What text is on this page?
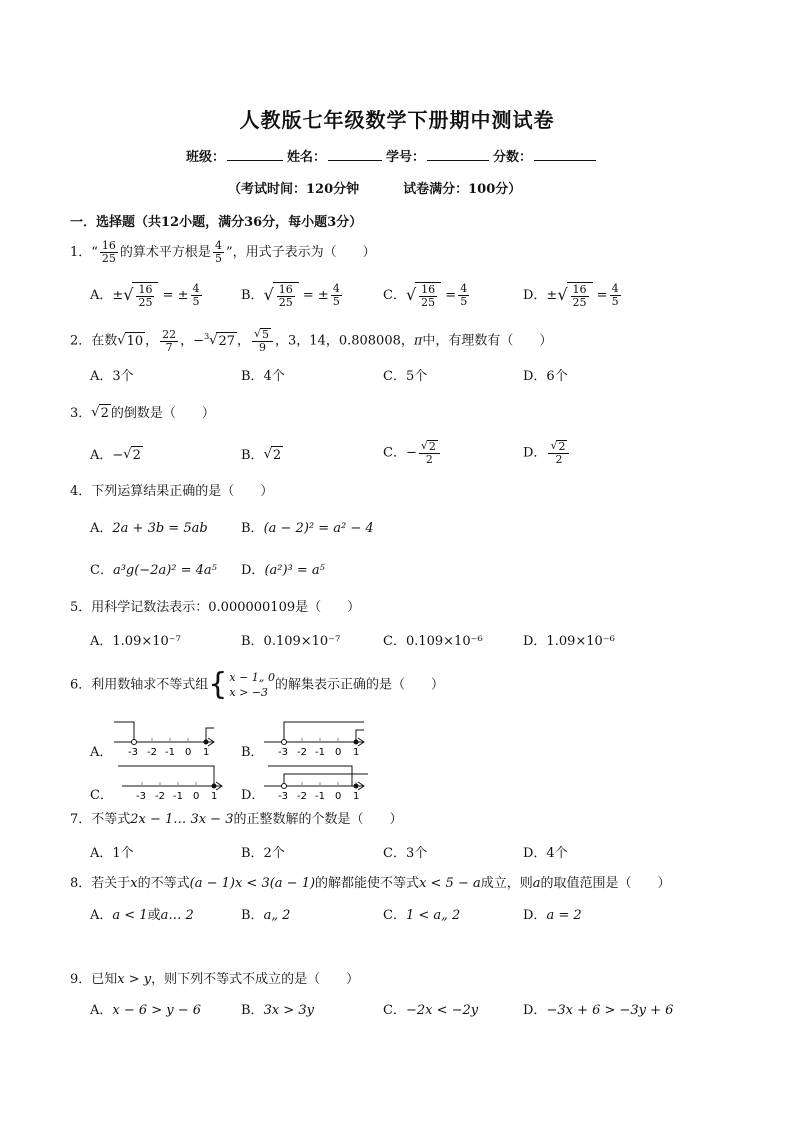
人教版七年级数学下册期中测试卷
班级：	姓名：	学号：	分数：
（考试时间：120分钟	试卷满分：100分）
一．选择题（共12小题，满分36分，每小题3分）
1．“ $\frac{16}{25}$ 的算术平方根是 $\frac{4}{5}$ ”，用式子表示为（　　）
A．± √ $\frac{16}{25}$ = ± $\frac{4}{5}$	B． √ $\frac{16}{25}$ = ± $\frac{4}{5}$	C． √ $\frac{16}{25} = \frac{4}{5}$	D．± √ $\frac{16}{25} = \frac{4}{5}$
2．在数 √ 10 ， $\frac{22}{7}$ ，−$^3$ √ 27 ， $\frac{√ 5}{9}$ ，3，14，0.808008，π中，有理数有（　　）
A．3个	B．4个	C．5个	D．6个
3． √ 2 的倒数是（　　）
A．− √ 2	B． √ 2	C．− $\frac{√ 2}{2}$	D． $\frac{√ 2}{2}$
4．下列运算结果正确的是（　　）
A．2a + 3b = 5ab	B．(a − 2)² = a² − 4
C．a³g(−2a)² = 4a⁵ D．(a²)³ = a⁵
5．用科学记数法表示：0.000000109是（　　）
A．1.09×10⁻⁷	B．0.109×10⁻⁷	C．0.109×10⁻⁶	D．1.09×10⁻⁶
6．利用数轴求不等式组 { x − 1„ 0
x > −3 的解集表示正确的是（　　）
A． -3 -2 -1 0 1 B． -3 -2 -1 0 1
C． -3 -2 -1 0 1 D． -3 -2 -1 0 1
7．不等式2x − 1… 3x − 3的正整数解的个数是（　　）
A．1个	B．2个	C．3个	D．4个
8．若关于x的不等式(a − 1)x < 3(a − 1)的解都能使不等式x < 5 − a成立，则a的取值范围是（　　）
A．a < 1或a… 2	B．a„ 2	C．1 < a„ 2	D．a = 2
9．已知x > y，则下列不等式不成立的是（　　）
A．x − 6 > y − 6	B．3x > 3y	C．−2x < −2y	D．−3x + 6 > −3y + 6
